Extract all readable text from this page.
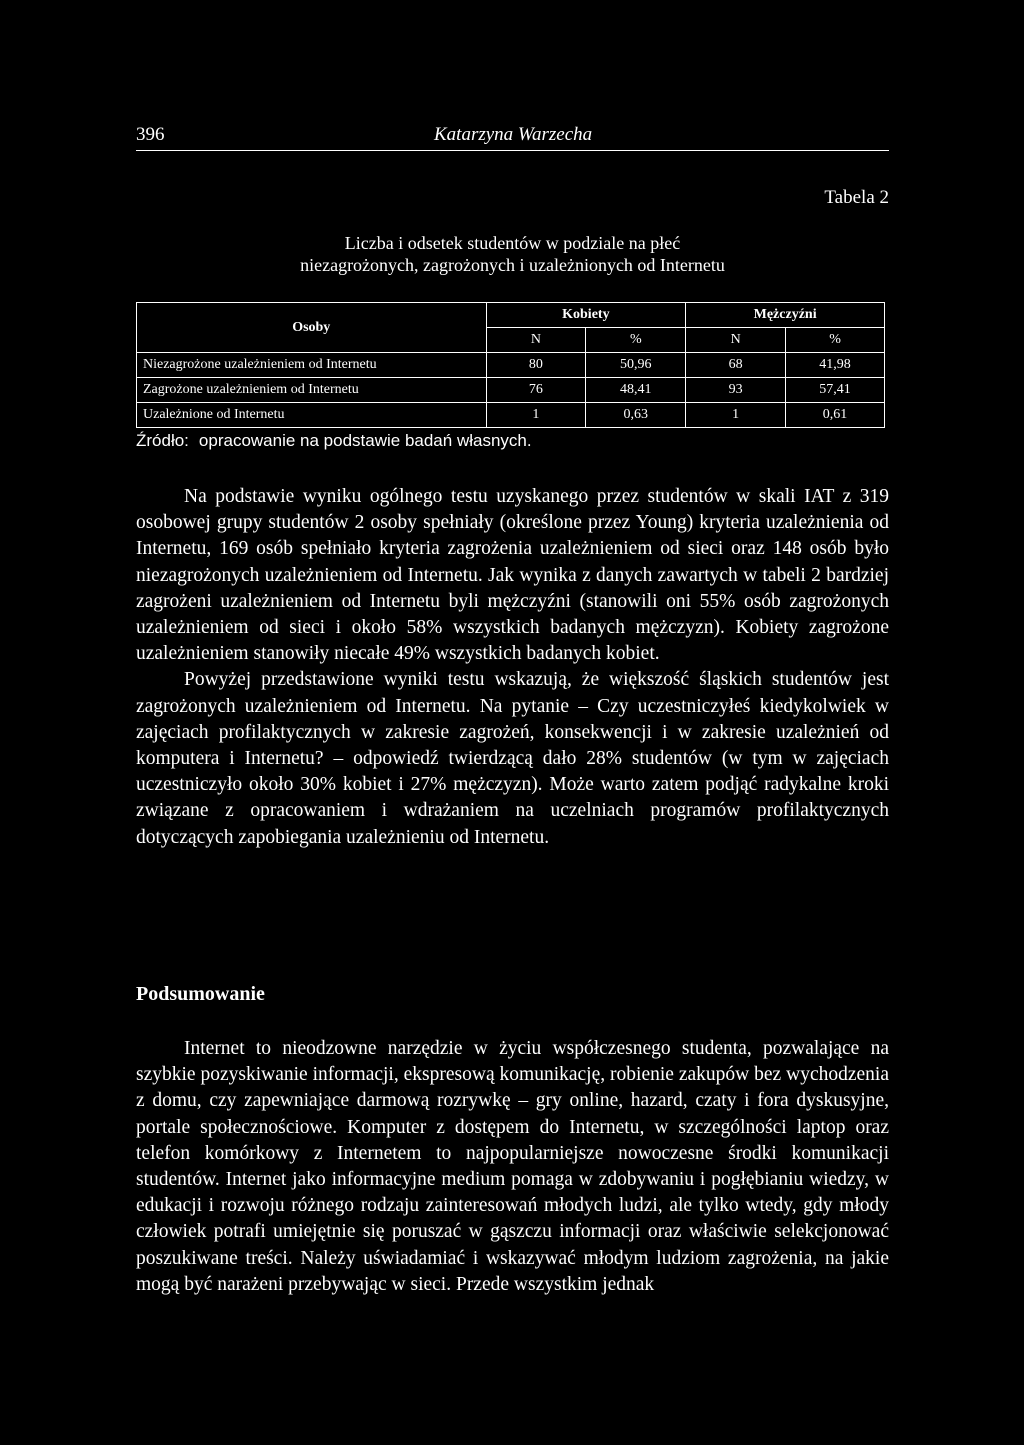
396	Katarzyna Warzecha
Tabela 2
Liczba i odsetek studentów w podziale na płeć
niezagrożonych, zagrożonych i uzależnionych od Internetu
Osoby	Kobiety		Mężczyźni	
	N	%	N	%
Niezagrożone uzależnieniem od Internetu	80	50,96	68	41,98
Zagrożone uzależnieniem od Internetu	76	48,41	93	57,41
Uzależnione od Internetu	1	0,63	1	0,61
Źródło: opracowanie na podstawie badań własnych.

Na podstawie wyniku ogólnego testu uzyskanego przez studentów w skali IAT z 319 osobowej grupy studentów 2 osoby spełniały (określone przez Young) kryteria uzależnienia od Internetu, 169 osób spełniało kryteria zagrożenia uzależnieniem od sieci oraz 148 osób było niezagrożonych uzależnieniem od Internetu. Jak wynika z danych zawartych w tabeli 2 bardziej zagrożeni uzależnieniem od Internetu byli mężczyźni (stanowili oni 55% osób zagrożonych uzależnieniem od sieci i około 58% wszystkich badanych mężczyzn). Kobiety zagrożone uzależnieniem stanowiły niecałe 49% wszystkich badanych kobiet.

Powyżej przedstawione wyniki testu wskazują, że większość śląskich studentów jest zagrożonych uzależnieniem od Internetu. Na pytanie – Czy uczestniczyłeś kiedykolwiek w zajęciach profilaktycznych w zakresie zagrożeń, konsekwencji i w zakresie uzależnień od komputera i Internetu? – odpowiedź twierdzącą dało 28% studentów (w tym w zajęciach uczestniczyło około 30% kobiet i 27% mężczyzn). Może warto zatem podjąć radykalne kroki związane z opracowaniem i wdrażaniem na uczelniach programów profilaktycznych dotyczących zapobiegania uzależnieniu od Internetu.

Podsumowanie

Internet to nieodzowne narzędzie w życiu współczesnego studenta, pozwalające na szybkie pozyskiwanie informacji, ekspresową komunikację, robienie zakupów bez wychodzenia z domu, czy zapewniające darmową rozrywkę – gry online, hazard, czaty i fora dyskusyjne, portale społecznościowe. Komputer z dostępem do Internetu, w szczególności laptop oraz telefon komórkowy z Internetem to najpopularniejsze nowoczesne środki komunikacji studentów. Internet jako informacyjne medium pomaga w zdobywaniu i pogłębianiu wiedzy, w edukacji i rozwoju różnego rodzaju zainteresowań młodych ludzi, ale tylko wtedy, gdy młody człowiek potrafi umiejętnie się poruszać w gąszczu informacji oraz właściwie selekcjonować poszukiwane treści. Należy uświadamiać i wskazywać młodym ludziom zagrożenia, na jakie mogą być narażeni przebywając w sieci. Przede wszystkim jednak
